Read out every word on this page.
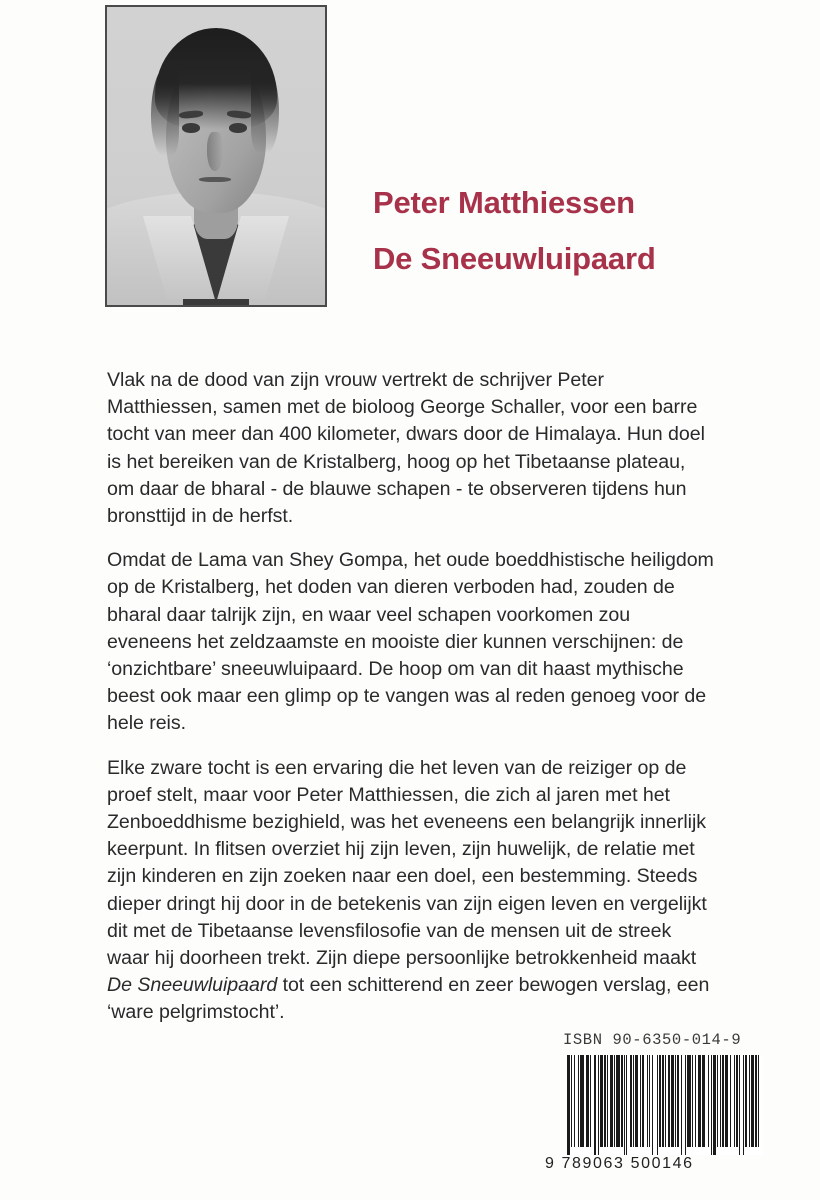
Peter Matthiessen
De Sneeuwluipaard

Vlak na de dood van zijn vrouw vertrekt de schrijver Peter Matthiessen, samen met de bioloog George Schaller, voor een barre tocht van meer dan 400 kilometer, dwars door de Himalaya. Hun doel is het bereiken van de Kristalberg, hoog op het Tibetaanse plateau, om daar de bharal - de blauwe schapen - te observeren tijdens hun bronsttijd in de herfst.

Omdat de Lama van Shey Gompa, het oude boeddhistische heiligdom op de Kristalberg, het doden van dieren verboden had, zouden de bharal daar talrijk zijn, en waar veel schapen voorkomen zou eveneens het zeldzaamste en mooiste dier kunnen verschijnen: de ‘onzichtbare’ sneeuwluipaard. De hoop om van dit haast mythische beest ook maar een glimp op te vangen was al reden genoeg voor de hele reis.

Elke zware tocht is een ervaring die het leven van de reiziger op de proef stelt, maar voor Peter Matthiessen, die zich al jaren met het Zenboeddhisme bezighield, was het eveneens een belangrijk innerlijk keerpunt. In flitsen overziet hij zijn leven, zijn huwelijk, de relatie met zijn kinderen en zijn zoeken naar een doel, een bestemming. Steeds dieper dringt hij door in de betekenis van zijn eigen leven en vergelijkt dit met de Tibetaanse levensfilosofie van de mensen uit de streek waar hij doorheen trekt. Zijn diepe persoonlijke betrokkenheid maakt De Sneeuwluipaard tot een schitterend en zeer bewogen verslag, een ‘ware pelgrimstocht’.

ISBN 90-6350-014-9
9 789063 500146
